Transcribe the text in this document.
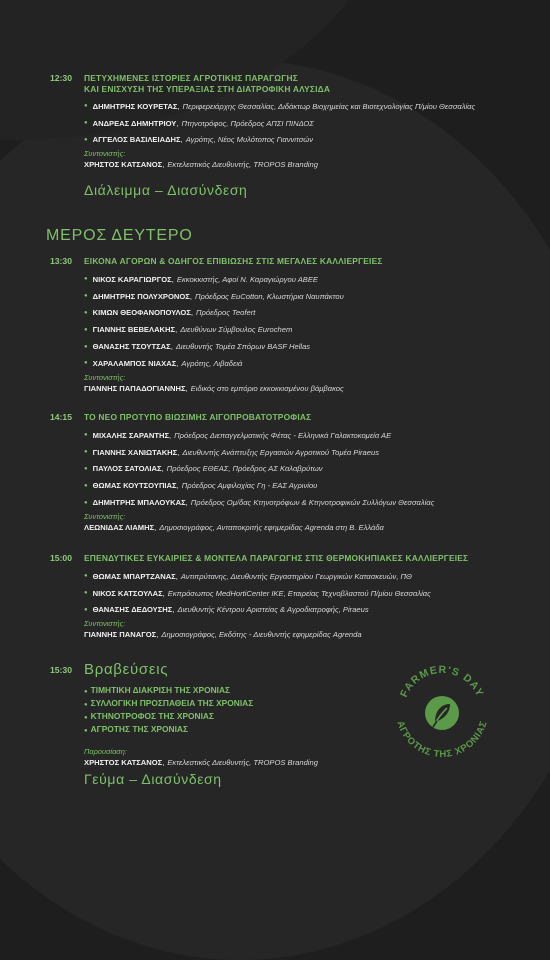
12:30	ΠΕΤΥΧΗΜΕΝΕΣ ΙΣΤΟΡΙΕΣ ΑΓΡΟΤΙΚΗΣ ΠΑΡΑΓΩΓΗΣ
ΚΑΙ ΕΝΙΣΧΥΣΗ ΤΗΣ ΥΠΕΡΑΞΙΑΣ ΣΤΗ ΔΙΑΤΡΟΦΙΚΗ ΑΛΥΣΙΔΑ
● ΔΗΜΗΤΡΗΣ ΚΟΥΡΕΤΑΣ , Περιφερειάρχης Θεσσαλίας, Διδάκτωρ Βιοχημείας και Βιοτεχνολογίας Π/μίου Θεσσαλίας
● ΑΝΔΡΕΑΣ ΔΗΜΗΤΡΙΟΥ , Πτηνοτρόφος, Πρόεδρος ΑΠΣΙ ΠΙΝΔΟΣ
● ΑΓΓΕΛΟΣ ΒΑΣΙΛΕΙΑΔΗΣ , Αγρότης, Νέος Μυλότοπος Γιαννιτσών
Συντονιστής:
ΧΡΗΣΤΟΣ ΚΑΤΣΑΝΟΣ, Εκτελεστικός Διευθυντής, TROPOS Branding
Διάλειμμα – Διασύνδεση
ΜΕΡΟΣ ΔΕΥΤΕΡΟ
13:30	ΕΙΚΟΝΑ ΑΓΟΡΩΝ & ΟΔΗΓΟΣ ΕΠΙΒΙΩΣΗΣ ΣΤΙΣ ΜΕΓΑΛΕΣ ΚΑΛΛΙΕΡΓΕΙΕΣ
● ΝΙΚΟΣ ΚΑΡΑΓΙΩΡΓΟΣ , Εκκοκκιστής, Αφοί Ν. Καραγιώργου ΑΒΕΕ
● ΔΗΜΗΤΡΗΣ ΠΟΛΥΧΡΟΝΟΣ , Πρόεδρος EuCotton, Κλωστήρια Ναυπάκτου
● ΚΙΜΩΝ ΘΕΟΦΑΝΟΠΟΥΛΟΣ , Πρόεδρος Teofert
● ΓΙΑΝΝΗΣ ΒΕΒΕΛΑΚΗΣ , Διευθύνων Σύμβουλος Eurochem
● ΘΑΝΑΣΗΣ ΤΣΟΥΤΣΑΣ , Διευθυντής Τομέα Σπόρων BASF Hellas
● ΧΑΡΑΛΑΜΠΟΣ ΝΙΑΧΑΣ , Αγρότης, Λιβαδειά
Συντονιστής:
ΓΙΑΝΝΗΣ ΠΑΠΑΔΟΓΙΑΝΝΗΣ, Ειδικός στο εμπόριο εκκοκκισμένου βάμβακος
14:15	ΤΟ ΝΕΟ ΠΡΟΤΥΠΟ ΒΙΩΣΙΜΗΣ ΑΙΓΟΠΡΟΒΑΤΟΤΡΟΦΙΑΣ
● ΜΙΧΑΛΗΣ ΣΑΡΑΝΤΗΣ , Πρόεδρος Διεπαγγελματικής Φέτας - Ελληνικά Γαλακτοκομεία ΑΕ
● ΓΙΑΝΝΗΣ ΧΑΝΙΩΤΑΚΗΣ , Διευθυντής Ανάπτυξης Εργασιών Αγροτικού Τομέα Piraeus
● ΠΑΥΛΟΣ ΣΑΤΟΛΙΑΣ , Πρόεδρος ΕΘΕΑΣ, Πρόεδρος ΑΣ Καλαβρύτων
● ΘΩΜΑΣ ΚΟΥΤΣΟΥΠΙΑΣ , Πρόεδρος Αμφιλοχίας Γη - ΕΑΣ Αγρινίου
● ΔΗΜΗΤΡΗΣ ΜΠΑΛΟΥΚΑΣ , Πρόεδρος Ομ/δας Κτηνοτρόφων & Κτηνοτροφικών Συλλόγων Θεσσαλίας
Συντονιστής:
ΛΕΩΝΙΔΑΣ ΛΙΑΜΗΣ, Δημοσιογράφος, Ανταποκριτής εφημερίδας Agrenda στη Β. Ελλάδα
15:00	ΕΠΕΝΔΥΤΙΚΕΣ ΕΥΚΑΙΡΙΕΣ & ΜΟΝΤΕΛΑ ΠΑΡΑΓΩΓΗΣ ΣΤΙΣ ΘΕΡΜΟΚΗΠΙΑΚΕΣ ΚΑΛΛΙΕΡΓΕΙΕΣ
● ΘΩΜΑΣ ΜΠΑΡΤΖΑΝΑΣ , Αντιπρύτανης, Διευθυντής Εργαστηρίου Γεωργικών Κατασκευών, ΠΘ
● ΝΙΚΟΣ ΚΑΤΣΟΥΛΑΣ , Εκπρόσωπος MedHortiCenter IKE, Εταιρείας Τεχνοβλαστού Π/μίου Θεσσαλίας
● ΘΑΝΑΣΗΣ ΔΕΔΟΥΣΗΣ , Διευθυντής Κέντρου Αριστείας & Αγροδιατροφής, Piraeus
Συντονιστής:
ΓΙΑΝΝΗΣ ΠΑΝΑΓΟΣ, Δημοσιογράφος, Εκδότης - Διευθυντής εφημερίδας Agrenda
15:30 Βραβεύσεις
● ΤΙΜΗΤΙΚΗ ΔΙΑΚΡΙΣΗ ΤΗΣ ΧΡΟΝΙΑΣ
● ΣΥΛΛΟΓΙΚΗ ΠΡΟΣΠΑΘΕΙΑ ΤΗΣ ΧΡΟΝΙΑΣ
● ΚΤΗΝΟΤΡΟΦΟΣ ΤΗΣ ΧΡΟΝΙΑΣ
● ΑΓΡΟΤΗΣ ΤΗΣ ΧΡΟΝΙΑΣ
Παρουσίαση:
ΧΡΗΣΤΟΣ ΚΑΤΣΑΝΟΣ, Εκτελεστικός Διευθυντής, TROPOS Branding
Γεύμα – Διασύνδεση
FARMER'S DAY
ΑΓΡΟΤΗΣ ΤΗΣ ΧΡΟΝΙΑΣ
